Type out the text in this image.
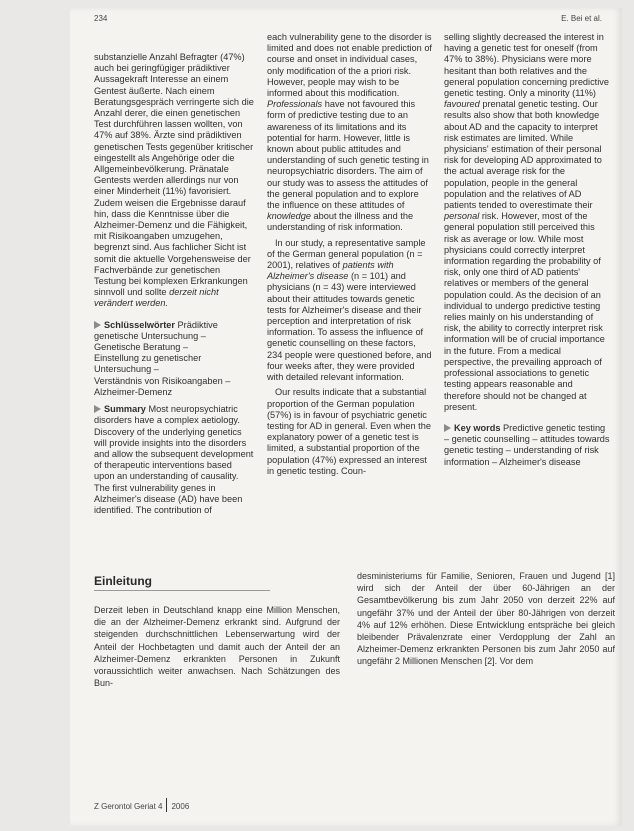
234	E. Bei et al.

substanzielle Anzahl Befragter (47%) auch bei geringfügiger prädiktiver Aussagekraft Interesse an einem Gentest äußerte. Nach einem Beratungsgespräch verringerte sich die Anzahl derer, die einen genetischen Test durchführen lassen wollten, von 47% auf 38%. Ärzte sind prädiktiven genetischen Tests gegenüber kritischer eingestellt als Angehörige oder die Allgemeinbevölkerung. Pränatale Gentests werden allerdings nur von einer Minderheit (11%) favorisiert. Zudem weisen die Ergebnisse darauf hin, dass die Kenntnisse über die Alzheimer-Demenz und die Fähigkeit, mit Risikoangaben umzugehen, begrenzt sind. Aus fachlicher Sicht ist somit die aktuelle Vorgehensweise der Fachverbände zur genetischen Testung bei komplexen Erkrankungen sinnvoll und sollte derzeit nicht verändert werden.

Schlüsselwörter Prädiktive genetische Untersuchung –
Genetische Beratung –
Einstellung zu genetischer
Untersuchung –
Verständnis von Risikoangaben –
Alzheimer-Demenz

Summary Most neuropsychiatric disorders have a complex aetiology. Discovery of the underlying genetics will provide insights into the disorders and allow the subsequent development of therapeutic interventions based upon an understanding of causality. The first vulnerability genes in Alzheimer's disease (AD) have been identified. The contribution of

each vulnerability gene to the disorder is limited and does not enable prediction of course and onset in individual cases, only modification of the a priori risk. However, people may wish to be informed about this modification. Professionals have not favoured this form of predictive testing due to an awareness of its limitations and its potential for harm. However, little is known about public attitudes and understanding of such genetic testing in neuropsychiatric disorders. The aim of our study was to assess the attitudes of the general population and to explore the influence on these attitudes of knowledge about the illness and the understanding of risk information.

In our study, a representative sample of the German general population (n = 2001), relatives of patients with Alzheimer's disease (n = 101) and physicians (n = 43) were interviewed about their attitudes towards genetic tests for Alzheimer's disease and their perception and interpretation of risk information. To assess the influence of genetic counselling on these factors, 234 people were questioned before, and four weeks after, they were provided with detailed relevant information.

Our results indicate that a substantial proportion of the German population (57%) is in favour of psychiatric genetic testing for AD in general. Even when the explanatory power of a genetic test is limited, a substantial proportion of the population (47%) expressed an interest in genetic testing. Coun-

selling slightly decreased the interest in having a genetic test for oneself (from 47% to 38%). Physicians were more hesitant than both relatives and the general population concerning predictive genetic testing. Only a minority (11%) favoured prenatal genetic testing. Our results also show that both knowledge about AD and the capacity to interpret risk estimates are limited. While physicians' estimation of their personal risk for developing AD approximated to the actual average risk for the population, people in the general population and the relatives of AD patients tended to overestimate their personal risk. However, most of the general population still perceived this risk as average or low. While most physicians could correctly interpret information regarding the probability of risk, only one third of AD patients' relatives or members of the general population could. As the decision of an individual to undergo predictive testing relies mainly on his understanding of risk, the ability to correctly interpret risk information will be of crucial importance in the future. From a medical perspective, the prevailing approach of professional associations to genetic testing appears reasonable and therefore should not be changed at present.

Key words Predictive genetic testing – genetic counselling – attitudes towards genetic testing – understanding of risk information – Alzheimer's disease

Einleitung
Derzeit leben in Deutschland knapp eine Million Menschen, die an der Alzheimer-Demenz erkrankt sind. Aufgrund der steigenden durchschnittlichen Lebenserwartung wird der Anteil der Hochbetagten und damit auch der Anteil der an Alzheimer-Demenz erkrankten Personen in Zukunft voraussichtlich weiter anwachsen. Nach Schätzungen des Bun-
desministeriums für Familie, Senioren, Frauen und Jugend [1] wird sich der Anteil der über 60-Jährigen an der Gesamtbevölkerung bis zum Jahr 2050 von derzeit 22% auf ungefähr 37% und der Anteil der über 80-Jährigen von derzeit 4% auf 12% erhöhen. Diese Entwicklung entspräche bei gleich bleibender Prävalenzrate einer Verdopplung der Zahl an Alzheimer-Demenz erkrankten Personen bis zum Jahr 2050 auf ungefähr 2 Millionen Menschen [2]. Vor dem
Z Gerontol Geriat 4 2006
